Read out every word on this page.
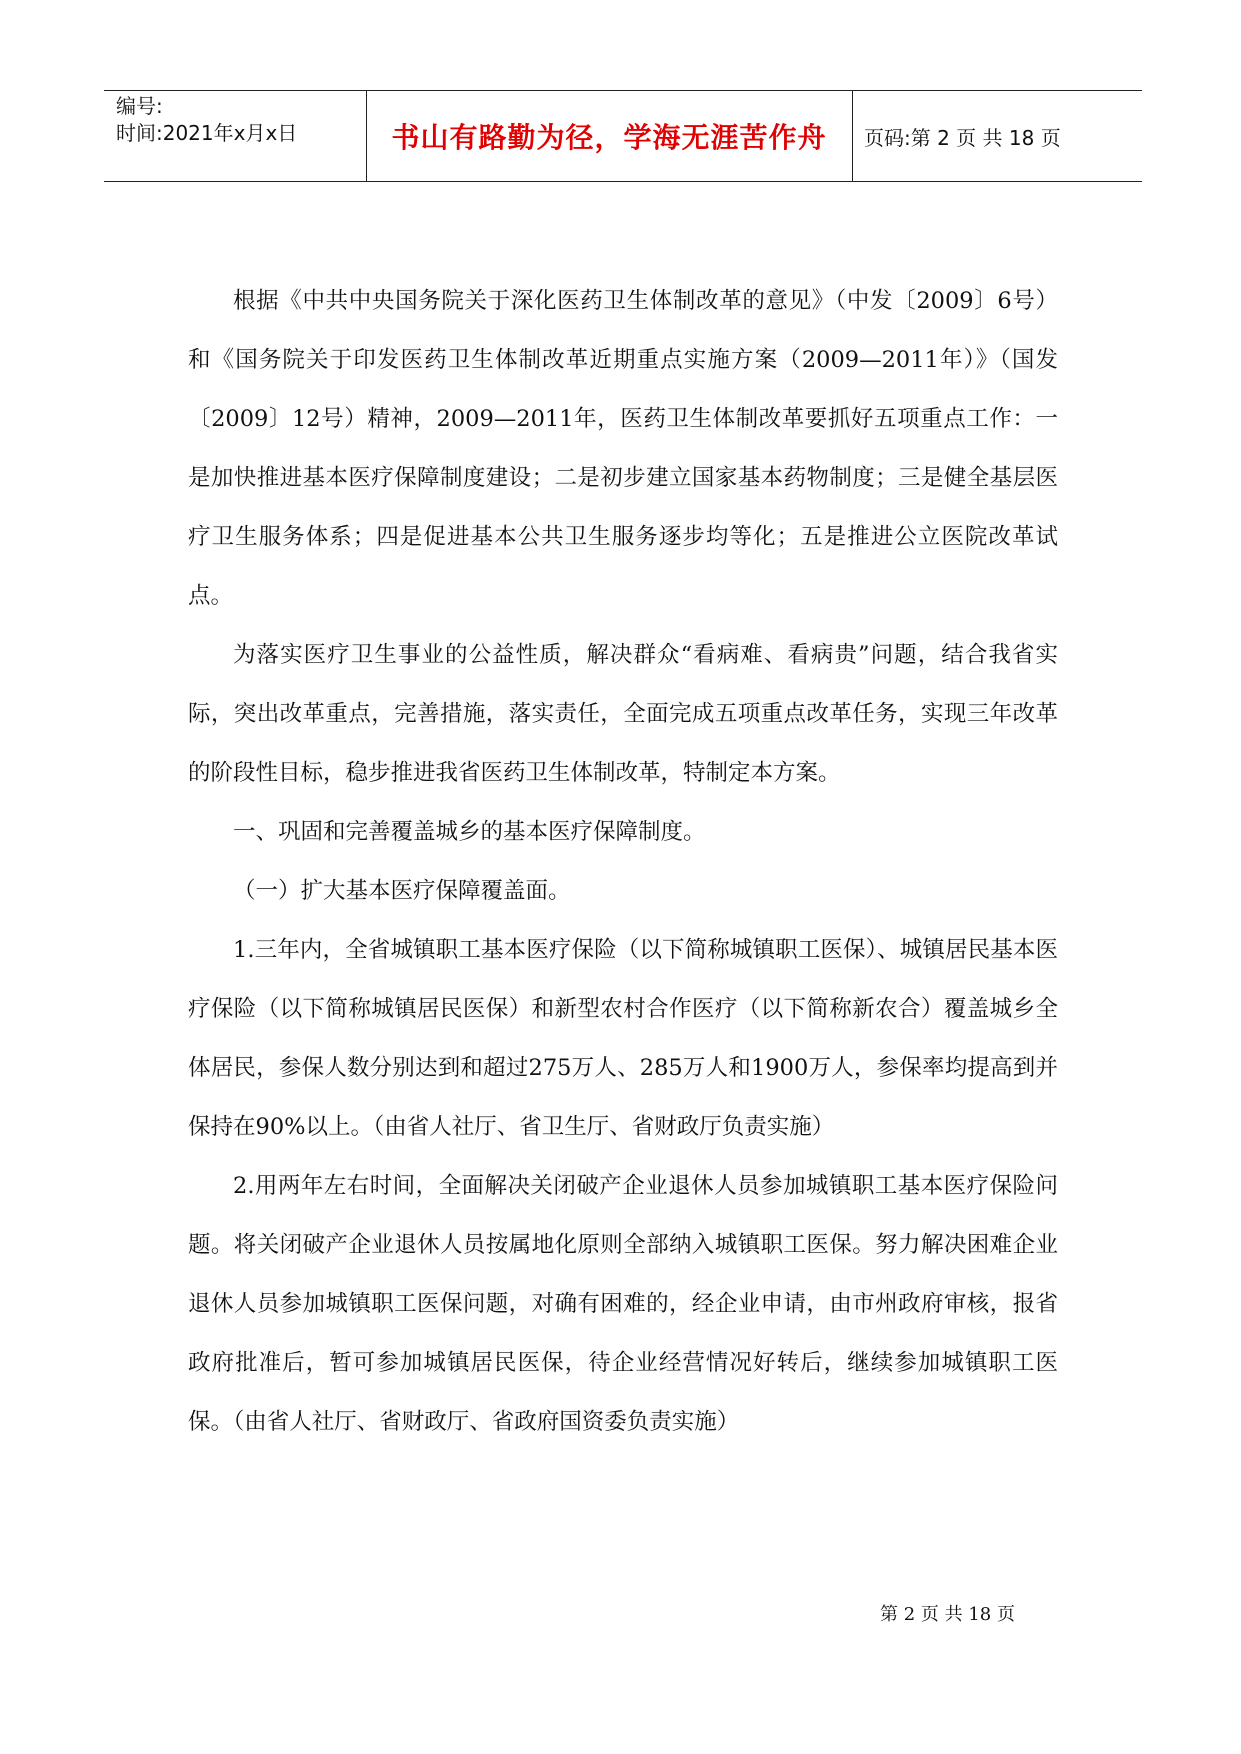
编号:
时间:2021年x月x日	书山有路勤为径，学海无涯苦作舟	页码:第 2 页 共 18 页

根据《中共中央国务院关于深化医药卫生体制改革的意见》（中发〔2009〕6号）和《国务院关于印发医药卫生体制改革近期重点实施方案（2009—2011年）》（国发〔2009〕12号）精神，2009—2011年，医药卫生体制改革要抓好五项重点工作：一是加快推进基本医疗保障制度建设；二是初步建立国家基本药物制度；三是健全基层医疗卫生服务体系；四是促进基本公共卫生服务逐步均等化；五是推进公立医院改革试点。

为落实医疗卫生事业的公益性质，解决群众“看病难、看病贵”问题，结合我省实际，突出改革重点，完善措施，落实责任，全面完成五项重点改革任务，实现三年改革的阶段性目标，稳步推进我省医药卫生体制改革，特制定本方案。

一、巩固和完善覆盖城乡的基本医疗保障制度。

（一）扩大基本医疗保障覆盖面。

1.三年内，全省城镇职工基本医疗保险（以下简称城镇职工医保）、城镇居民基本医疗保险（以下简称城镇居民医保）和新型农村合作医疗（以下简称新农合）覆盖城乡全体居民，参保人数分别达到和超过275万人、285万人和1900万人，参保率均提高到并保持在90%以上。（由省人社厅、省卫生厅、省财政厅负责实施）

2.用两年左右时间，全面解决关闭破产企业退休人员参加城镇职工基本医疗保险问题。将关闭破产企业退休人员按属地化原则全部纳入城镇职工医保。努力解决困难企业退休人员参加城镇职工医保问题，对确有困难的，经企业申请，由市州政府审核，报省政府批准后，暂可参加城镇居民医保，待企业经营情况好转后，继续参加城镇职工医保。（由省人社厅、省财政厅、省政府国资委负责实施）

第 2 页 共 18 页
